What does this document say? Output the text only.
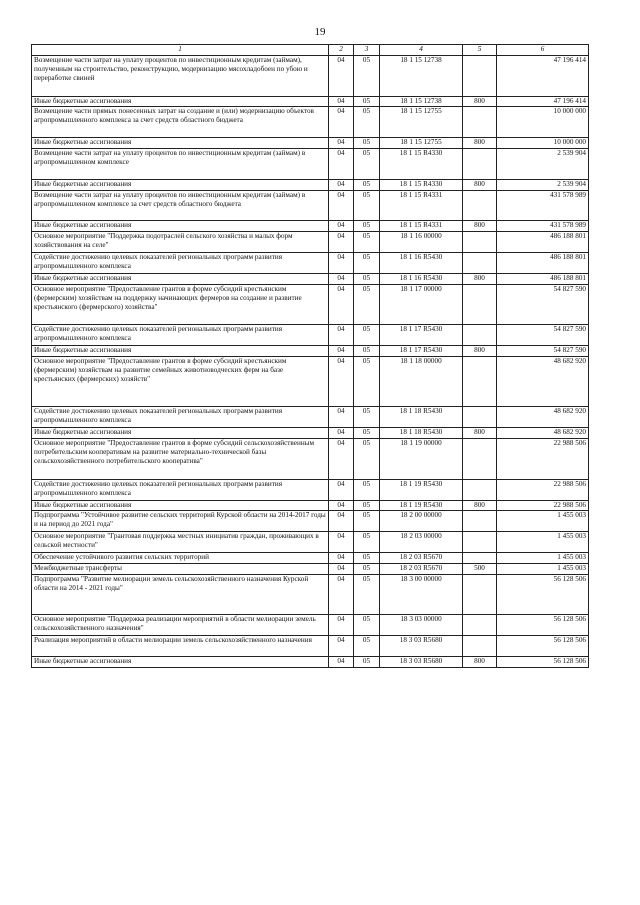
19
1	2	3	4	5	6
Возмещение части затрат на уплату процентов по инвестиционным кредитам (займам), полученным на строительство, реконструкцию, модернизацию мясохладобоен по убою и переработке свиней	04	05	18 1 15 12738		47 196 414
Иные бюджетные ассигнования	04	05	18 1 15 12738	800	47 196 414
Возмещение части прямых понесенных затрат на создание и (или) модернизацию объектов агропромышленного комплекса за счет средств областного бюджета	04	05	18 1 15 12755		10 000 000
Иные бюджетные ассигнования	04	05	18 1 15 12755	800	10 000 000
Возмещение части затрат на уплату процентов по инвестиционным кредитам (займам) в агропромышленном комплексе	04	05	18 1 15 R4330		2 539 904
Иные бюджетные ассигнования	04	05	18 1 15 R4330	800	2 539 904
Возмещение части затрат на уплату процентов по инвестиционным кредитам (займам) в агропромышленном комплексе за счет средств областного бюджета	04	05	18 1 15 R4331		431 578 989
Иные бюджетные ассигнования	04	05	18 1 15 R4331	800	431 578 989
Основное мероприятие "Поддержка подотраслей сельского хозяйства и малых форм хозяйствования на селе"	04	05	18 1 16 00000		486 188 801
Содействие достижению целевых показателей региональных программ развития агропромышленного комплекса	04	05	18 1 16 R5430		486 188 801
Иные бюджетные ассигнования	04	05	18 1 16 R5430	800	486 188 801
Основное мероприятие "Предоставление грантов в форме субсидий крестьянским (фермерским) хозяйствам на поддержку начинающих фермеров на создание и развитие крестьянского (фермерского) хозяйства"	04	05	18 1 17 00000		54 827 590
Содействие достижению целевых показателей региональных программ развития агропромышленного комплекса	04	05	18 1 17 R5430		54 827 590
Иные бюджетные ассигнования	04	05	18 1 17 R5430	800	54 827 590
Основное мероприятие "Предоставление грантов в форме субсидий крестьянским (фермерским) хозяйствам на развитие семейных животноводческих ферм на базе крестьянских (фермерских) хозяйств"	04	05	18 1 18 00000		48 682 920
Содействие достижению целевых показателей региональных программ развития агропромышленного комплекса	04	05	18 1 18 R5430		48 682 920
Иные бюджетные ассигнования	04	05	18 1 18 R5430	800	48 682 920
Основное мероприятие "Предоставление грантов в форме субсидий сельскохозяйственным потребительским кооперативам на развитие материально-технической базы сельскохозяйственного потребительского кооператива"	04	05	18 1 19 00000		22 988 506
Содействие достижению целевых показателей региональных программ развития агропромышленного комплекса	04	05	18 1 19 R5430		22 988 506
Иные бюджетные ассигнования	04	05	18 1 19 R5430	800	22 988 506
Подпрограмма "Устойчивое развитие сельских территорий Курской области на 2014-2017 годы и на период до 2021 года"	04	05	18 2 00 00000		1 455 003
Основное мероприятие "Грантовая поддержка местных инициатив граждан, проживающих в сельской местности"	04	05	18 2 03 00000		1 455 003
Обеспечение устойчивого развития сельских территорий	04	05	18 2 03 R5670		1 455 003
Межбюджетные трансферты	04	05	18 2 03 R5670	500	1 455 003
Подпрограмма "Развитие мелиорации земель сельскохозяйственного назначения Курской области на 2014 - 2021 годы"	04	05	18 3 00 00000		56 128 506
Основное мероприятие "Поддержка реализации мероприятий в области мелиорации земель сельскохозяйственного назначения"	04	05	18 3 03 00000		56 128 506
Реализация мероприятий в области мелиорации земель сельскохозяйственного назначения	04	05	18 3 03 R5680		56 128 506
Иные бюджетные ассигнования	04	05	18 3 03 R5680	800	56 128 506
